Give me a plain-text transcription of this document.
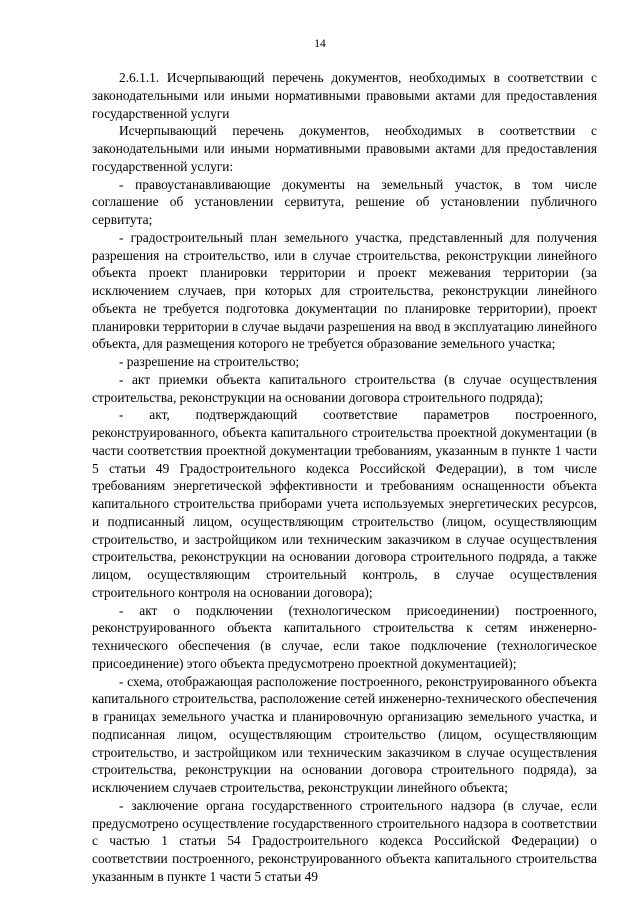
14

2.6.1.1. Исчерпывающий перечень документов, необходимых в соответствии с законодательными или иными нормативными правовыми актами для предоставления государственной услуги

Исчерпывающий перечень документов, необходимых в соответствии с законодательными или иными нормативными правовыми актами для предоставления государственной услуги:

- правоустанавливающие документы на земельный участок, в том числе соглашение об установлении сервитута, решение об установлении публичного сервитута;

- градостроительный план земельного участка, представленный для получения разрешения на строительство, или в случае строительства, реконструкции линейного объекта проект планировки территории и проект межевания территории (за исключением случаев, при которых для строительства, реконструкции линейного объекта не требуется подготовка документации по планировке территории), проект планировки территории в случае выдачи разрешения на ввод в эксплуатацию линейного объекта, для размещения которого не требуется образование земельного участка;

- разрешение на строительство;

- акт приемки объекта капитального строительства (в случае осуществления строительства, реконструкции на основании договора строительного подряда);

- акт, подтверждающий соответствие параметров построенного, реконструированного, объекта капитального строительства проектной документации (в части соответствия проектной документации требованиям, указанным в пункте 1 части 5 статьи 49 Градостроительного кодекса Российской Федерации), в том числе требованиям энергетической эффективности и требованиям оснащенности объекта капитального строительства приборами учета используемых энергетических ресурсов, и подписанный лицом, осуществляющим строительство (лицом, осуществляющим строительство, и застройщиком или техническим заказчиком в случае осуществления строительства, реконструкции на основании договора строительного подряда, а также лицом, осуществляющим строительный контроль, в случае осуществления строительного контроля на основании договора);

- акт о подключении (технологическом присоединении) построенного, реконструированного объекта капитального строительства к сетям инженерно-технического обеспечения (в случае, если такое подключение (технологическое присоединение) этого объекта предусмотрено проектной документацией);

- схема, отображающая расположение построенного, реконструированного объекта капитального строительства, расположение сетей инженерно-технического обеспечения в границах земельного участка и планировочную организацию земельного участка, и подписанная лицом, осуществляющим строительство (лицом, осуществляющим строительство, и застройщиком или техническим заказчиком в случае осуществления строительства, реконструкции на основании договора строительного подряда), за исключением случаев строительства, реконструкции линейного объекта;

- заключение органа государственного строительного надзора (в случае, если предусмотрено осуществление государственного строительного надзора в соответствии с частью 1 статьи 54 Градостроительного кодекса Российской Федерации) о соответствии построенного, реконструированного объекта капитального строительства указанным в пункте 1 части 5 статьи 49
